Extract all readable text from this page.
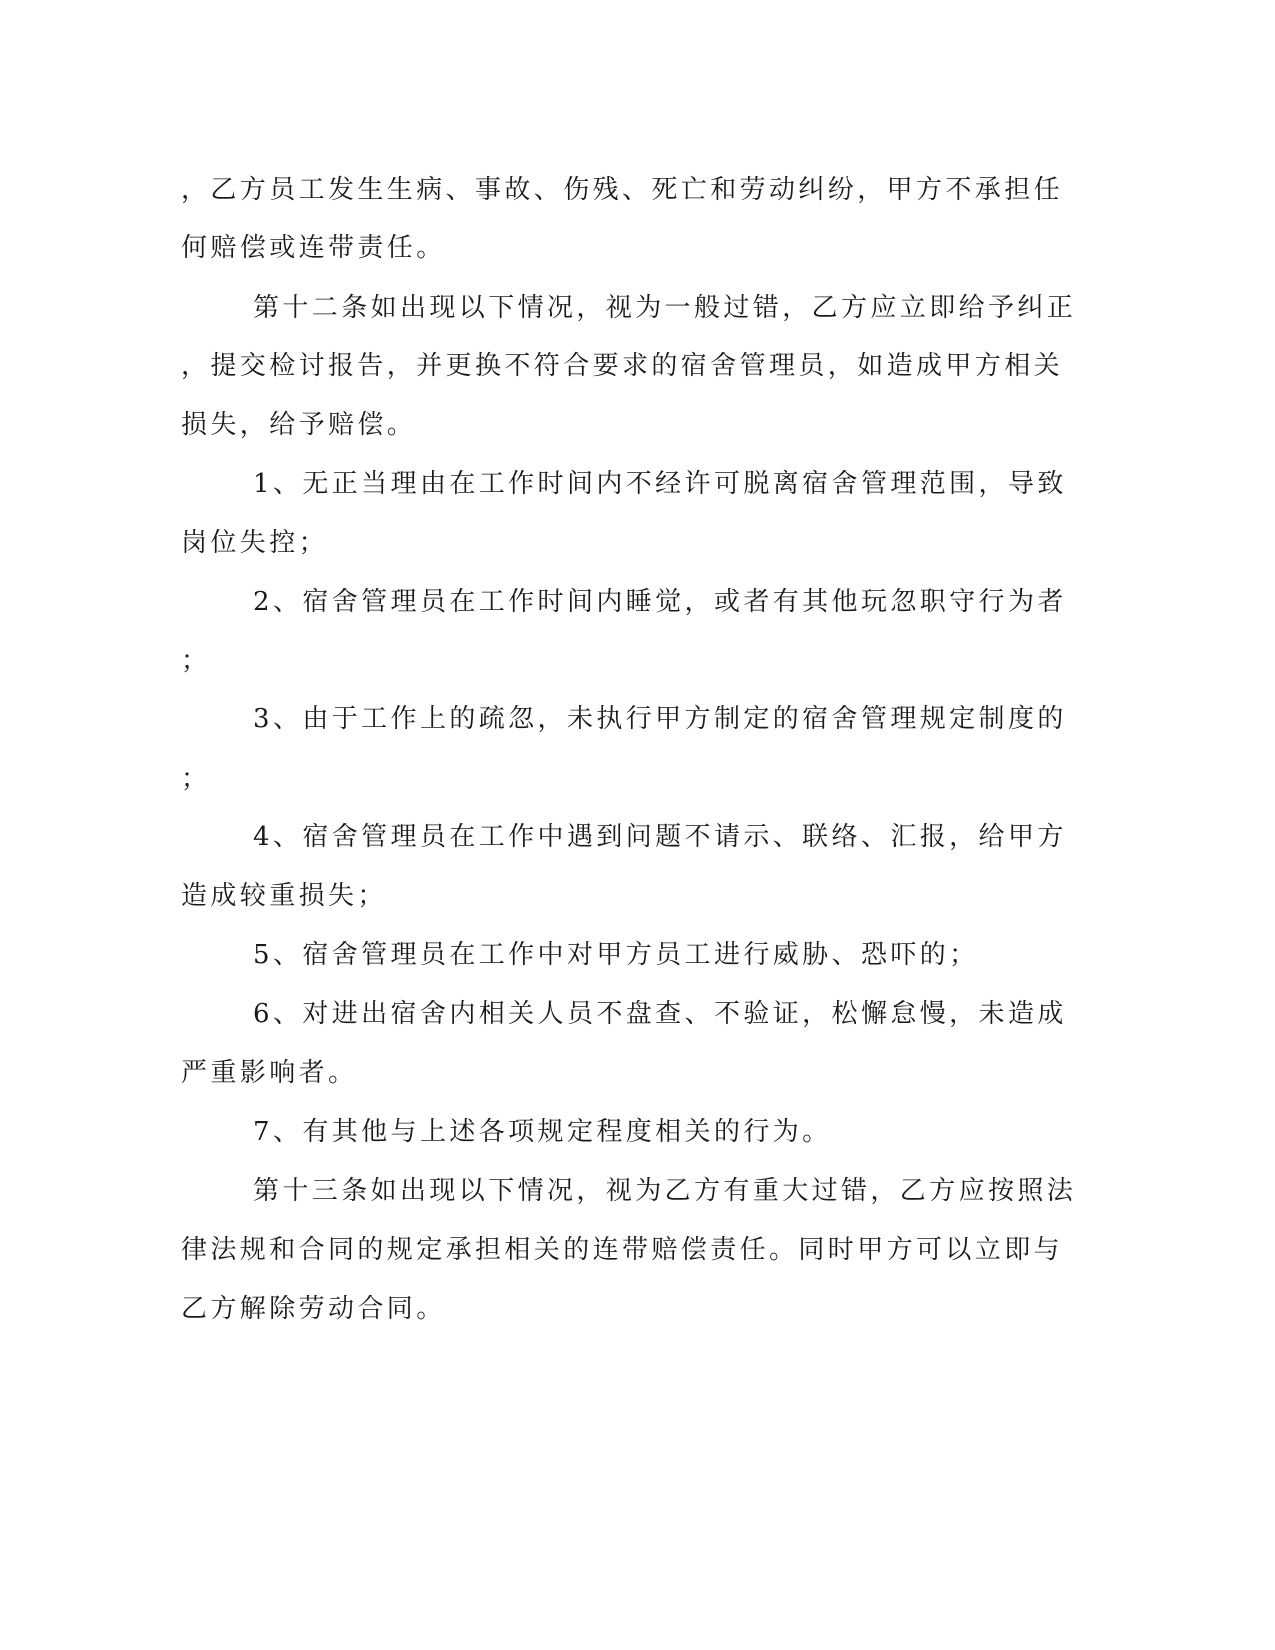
，乙方员工发生生病、事故、伤残、死亡和劳动纠纷，甲方不承担任
何赔偿或连带责任。
第十二条如出现以下情况，视为一般过错，乙方应立即给予纠正
，提交检讨报告，并更换不符合要求的宿舍管理员，如造成甲方相关
损失，给予赔偿。
1、无正当理由在工作时间内不经许可脱离宿舍管理范围，导致
岗位失控；
2、宿舍管理员在工作时间内睡觉，或者有其他玩忽职守行为者
；
3、由于工作上的疏忽，未执行甲方制定的宿舍管理规定制度的
；
4、宿舍管理员在工作中遇到问题不请示、联络、汇报，给甲方
造成较重损失；
5、宿舍管理员在工作中对甲方员工进行威胁、恐吓的；
6、对进出宿舍内相关人员不盘查、不验证，松懈怠慢，未造成
严重影响者。
7、有其他与上述各项规定程度相关的行为。
第十三条如出现以下情况，视为乙方有重大过错，乙方应按照法
律法规和合同的规定承担相关的连带赔偿责任。同时甲方可以立即与
乙方解除劳动合同。
